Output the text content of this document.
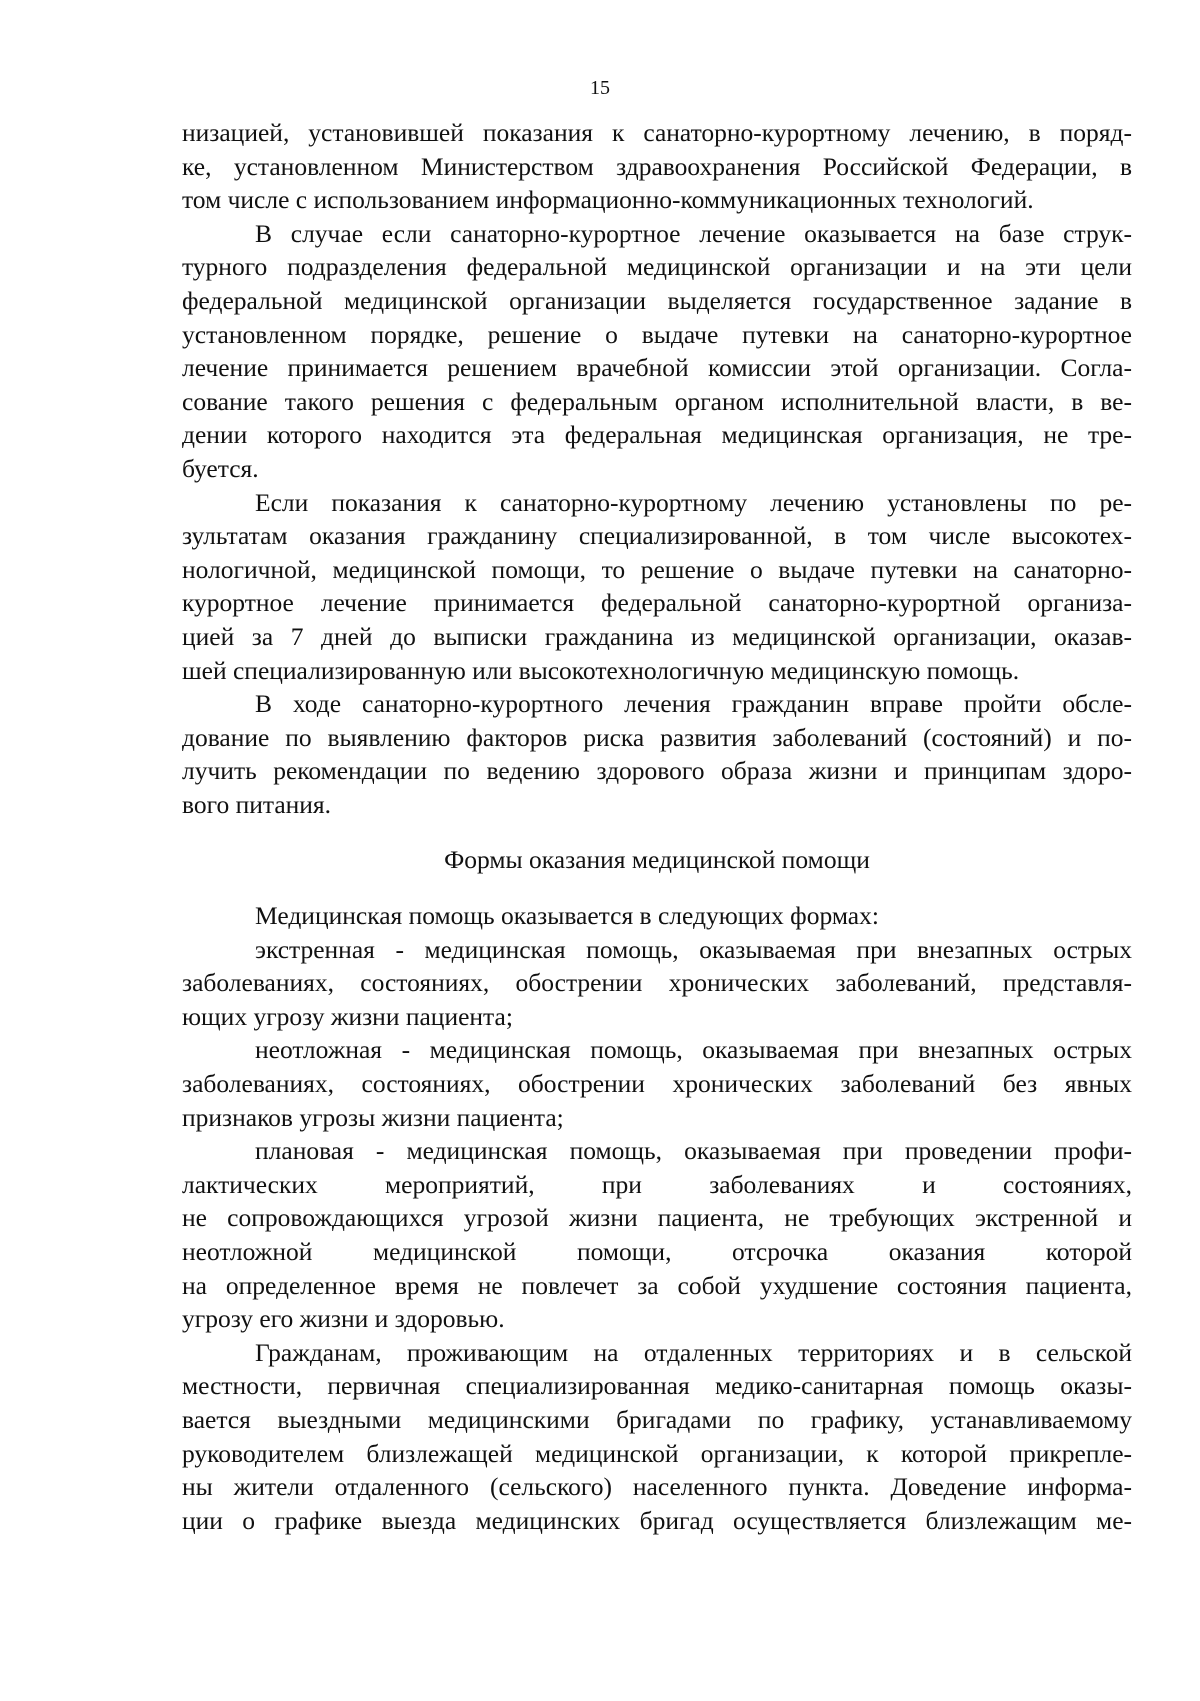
15
низацией, установившей показания к санаторно-курортному лечению, в поряд-
ке, установленном Министерством здравоохранения Российской Федерации, в
том числе с использованием информационно-коммуникационных технологий.
В случае если санаторно-курортное лечение оказывается на базе струк-
турного подразделения федеральной медицинской организации и на эти цели
федеральной медицинской организации выделяется государственное задание в
установленном порядке, решение о выдаче путевки на санаторно-курортное
лечение принимается решением врачебной комиссии этой организации. Согла-
сование такого решения с федеральным органом исполнительной власти, в ве-
дении которого находится эта федеральная медицинская организация, не тре-
буется.
Если показания к санаторно-курортному лечению установлены по ре-
зультатам оказания гражданину специализированной, в том числе высокотех-
нологичной, медицинской помощи, то решение о выдаче путевки на санаторно-
курортное лечение принимается федеральной санаторно-курортной организа-
цией за 7 дней до выписки гражданина из медицинской организации, оказав-
шей специализированную или высокотехнологичную медицинскую помощь.
В ходе санаторно-курортного лечения гражданин вправе пройти обсле-
дование по выявлению факторов риска развития заболеваний (состояний) и по-
лучить рекомендации по ведению здорового образа жизни и принципам здоро-
вого питания.
Формы оказания медицинской помощи
Медицинская помощь оказывается в следующих формах:
экстренная - медицинская помощь, оказываемая при внезапных острых
заболеваниях, состояниях, обострении хронических заболеваний, представля-
ющих угрозу жизни пациента;
неотложная - медицинская помощь, оказываемая при внезапных острых
заболеваниях, состояниях, обострении хронических заболеваний без явных
признаков угрозы жизни пациента;
плановая - медицинская помощь, оказываемая при проведении профи-
лактических мероприятий, при заболеваниях и состояниях,
не сопровождающихся угрозой жизни пациента, не требующих экстренной и
неотложной медицинской помощи, отсрочка оказания которой
на определенное время не повлечет за собой ухудшение состояния пациента,
угрозу его жизни и здоровью.
Гражданам, проживающим на отдаленных территориях и в сельской
местности, первичная специализированная медико-санитарная помощь оказы-
вается выездными медицинскими бригадами по графику, устанавливаемому
руководителем близлежащей медицинской организации, к которой прикрепле-
ны жители отдаленного (сельского) населенного пункта. Доведение информа-
ции о графике выезда медицинских бригад осуществляется близлежащим ме-
